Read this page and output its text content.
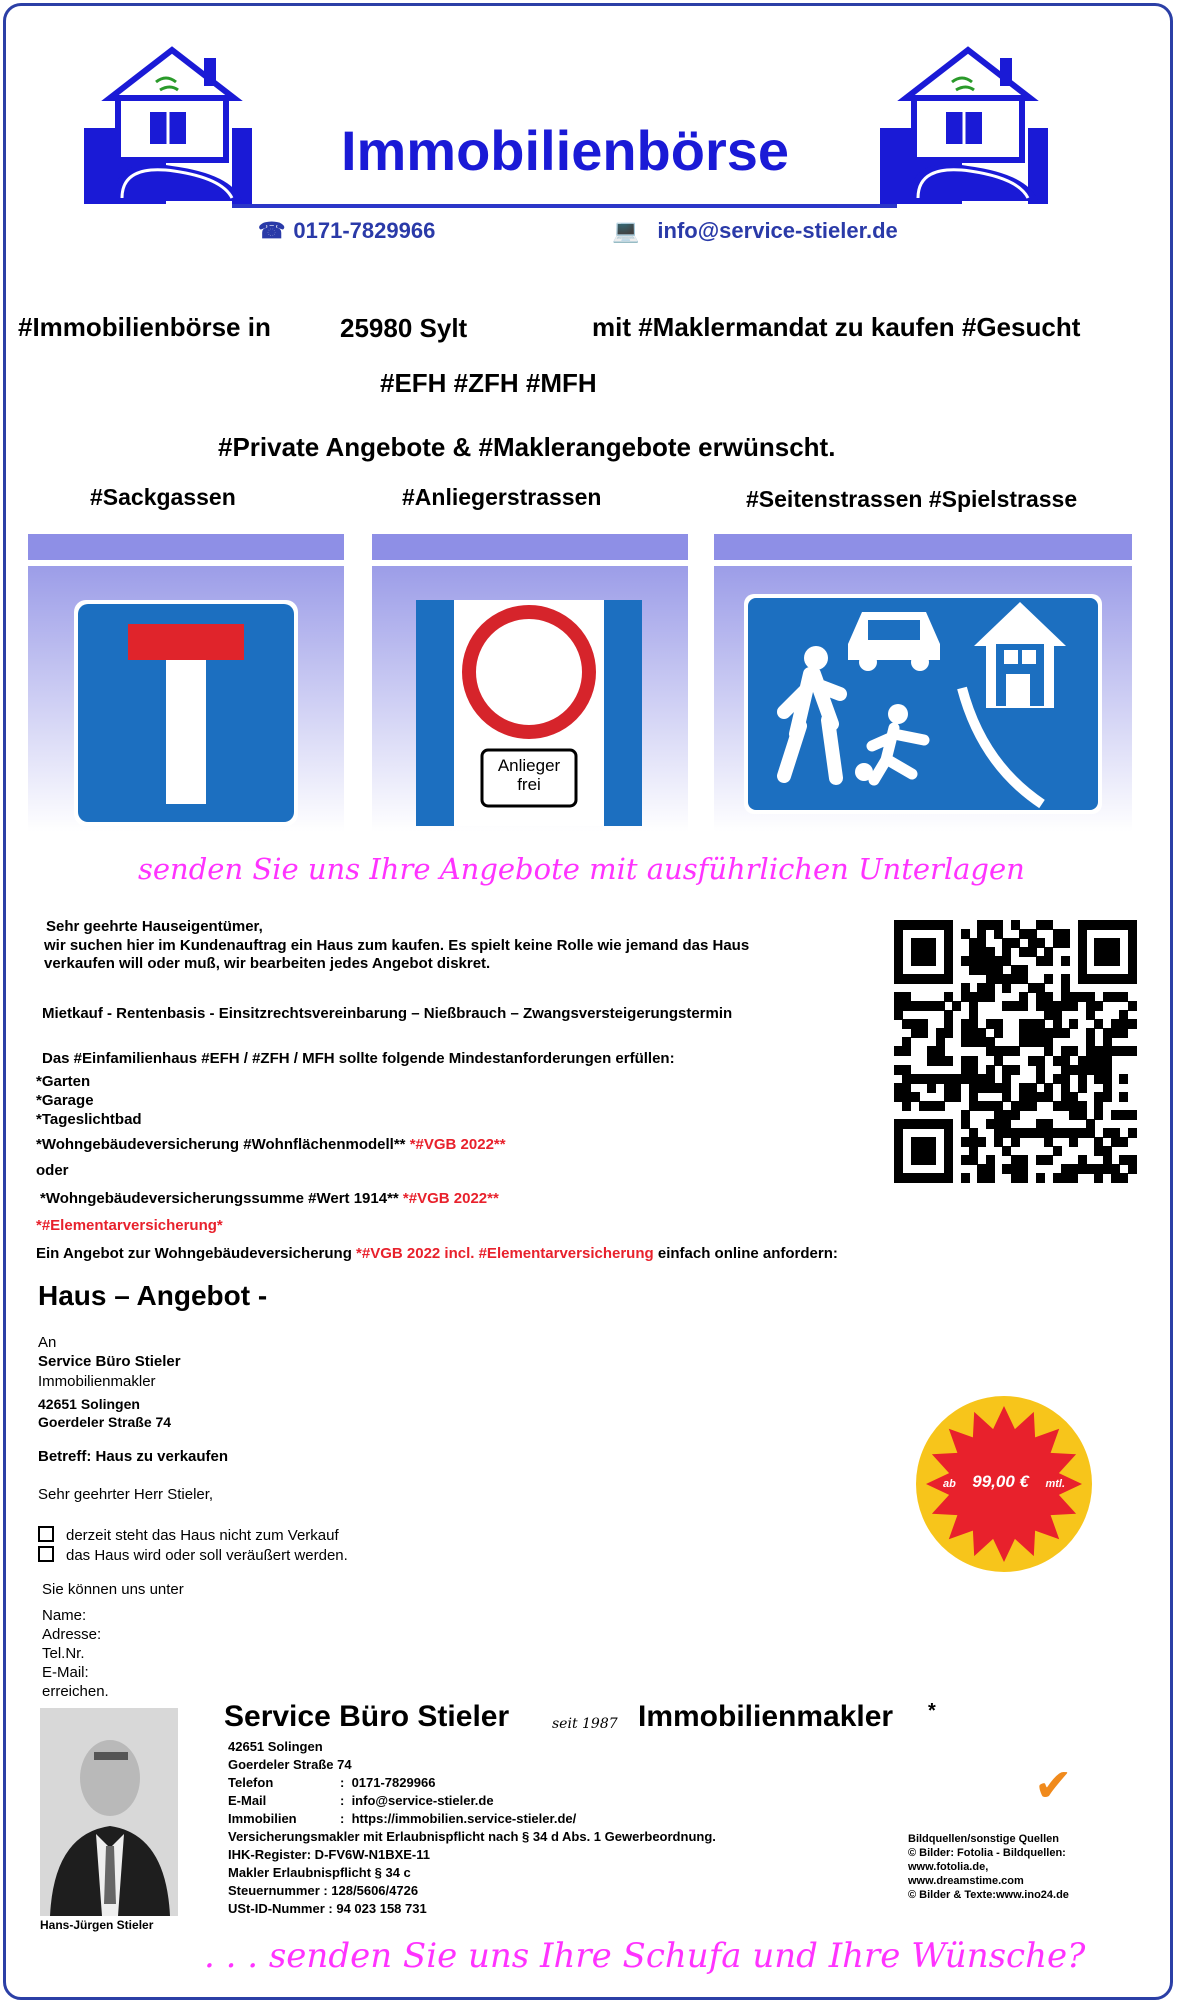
Immobilienbörse
☎ 0171-7829966	💻 info@service-stieler.de
#Immobilienbörse in	25980 Sylt	mit #Maklermandat zu kaufen #Gesucht
#EFH #ZFH #MFH
#Private Angebote & #Maklerangebote erwünscht.
#Sackgassen	#Anliegerstrassen	#Seitenstrassen #Spielstrasse
Anlieger
frei
senden Sie uns Ihre Angebote mit ausführlichen Unterlagen
Sehr geehrte Hauseigentümer,
wir suchen hier im Kundenauftrag ein Haus zum kaufen. Es spielt keine Rolle wie jemand das Haus
verkaufen will oder muß, wir bearbeiten jedes Angebot diskret.
Mietkauf - Rentenbasis - Einsitzrechtsvereinbarung – Nießbrauch – Zwangsversteigerungstermin
Das #Einfamilienhaus #EFH / #ZFH / MFH sollte folgende Mindestanforderungen erfüllen:
*Garten
*Garage
*Tageslichtbad
*Wohngebäudeversicherung #Wohnflächenmodell** *#VGB 2022**
oder
*Wohngebäudeversicherungssumme #Wert 1914** *#VGB 2022**
*#Elementarversicherung*
Ein Angebot zur Wohngebäudeversicherung *#VGB 2022 incl. #Elementarversicherung einfach online anfordern:
Haus – Angebot -
An
Service Büro Stieler
Immobilienmakler
42651 Solingen
Goerdeler Straße 74
Betreff: Haus zu verkaufen
Sehr geehrter Herr Stieler,
derzeit steht das Haus nicht zum Verkauf
das Haus wird oder soll veräußert werden.
Sie können uns unter
Name:
Adresse:
Tel.Nr.
E-Mail:
erreichen.
ab 99,00 € mtl.
Hans-Jürgen Stieler
Service Büro Stieler	seit 1987 Immobilienmakler *
42651 Solingen
Goerdeler Straße 74
Telefon	:  0171-7829966
E-Mail	:  info@service-stieler.de
Immobilien	:  https://immobilien.service-stieler.de/
Versicherungsmakler mit Erlaubnispflicht nach § 34 d Abs. 1 Gewerbeordnung.
IHK-Register: D-FV6W-N1BXE-11
Makler Erlaubnispflicht § 34 c
Steuernummer : 128/5606/4726
USt-ID-Nummer : 94 023 158 731
✔
Bildquellen/sonstige Quellen
© Bilder: Fotolia - Bildquellen:
www.fotolia.de,
www.dreamstime.com
© Bilder & Texte:www.ino24.de
. . . senden Sie uns Ihre Schufa und Ihre Wünsche?
